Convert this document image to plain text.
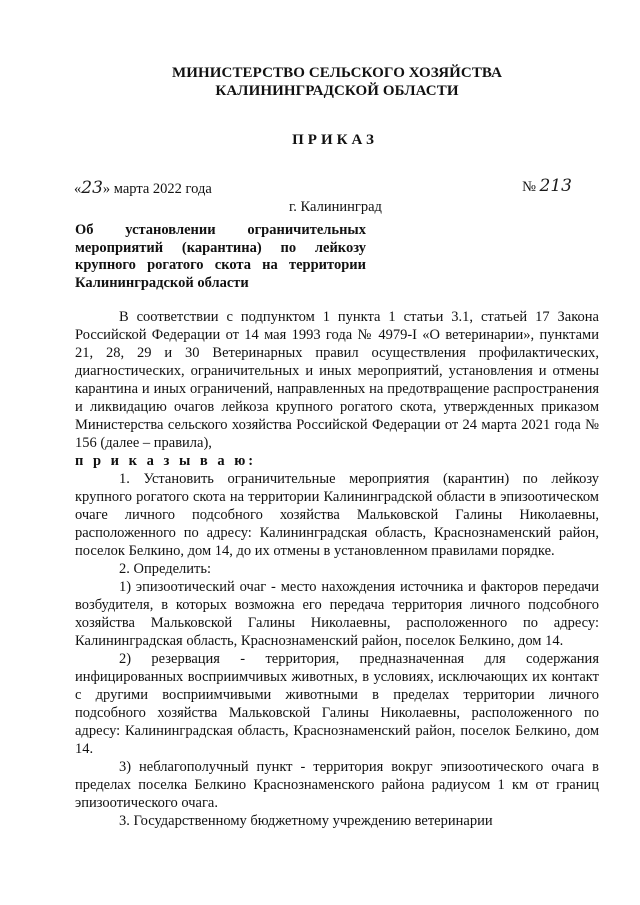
МИНИСТЕРСТВО СЕЛЬСКОГО ХОЗЯЙСТВА
КАЛИНИНГРАДСКОЙ ОБЛАСТИ
ПРИКАЗ
«23» марта 2022 года	№ 213
г. Калининград
Об установлении ограничительных мероприятий (карантина) по лейкозу крупного рогатого скота на территории Калининградской области

В соответствии с подпунктом 1 пункта 1 статьи 3.1, статьей 17 Закона Российской Федерации от 14 мая 1993 года № 4979-I «О ветеринарии», пунктами 21, 28, 29 и 30 Ветеринарных правил осуществления профилактических, диагностических, ограничительных и иных мероприятий, установления и отмены карантина и иных ограничений, направленных на предотвращение распространения и ликвидацию очагов лейкоза крупного рогатого скота, утвержденных приказом Министерства сельского хозяйства Российской Федерации от 24 марта 2021 года № 156 (далее – правила),

п р и к а з ы в а ю:

1. Установить ограничительные мероприятия (карантин) по лейкозу крупного рогатого скота на территории Калининградской области в эпизоотическом очаге личного подсобного хозяйства Мальковской Галины Николаевны, расположенного по адресу: Калининградская область, Краснознаменский район, поселок Белкино, дом 14, до их отмены в установленном правилами порядке.

2. Определить:

1) эпизоотический очаг - место нахождения источника и факторов передачи возбудителя, в которых возможна его передача территория личного подсобного хозяйства Мальковской Галины Николаевны, расположенного по адресу: Калининградская область, Краснознаменский район, поселок Белкино, дом 14.

2) резервация - территория, предназначенная для содержания инфицированных восприимчивых животных, в условиях, исключающих их контакт с другими восприимчивыми животными в пределах территории личного подсобного хозяйства Мальковской Галины Николаевны, расположенного по адресу: Калининградская область, Краснознаменский район, поселок Белкино, дом 14.

3) неблагополучный пункт - территория вокруг эпизоотического очага в пределах поселка Белкино Краснознаменского района радиусом 1 км от границ эпизоотического очага.

3. Государственному бюджетному учреждению ветеринарии
